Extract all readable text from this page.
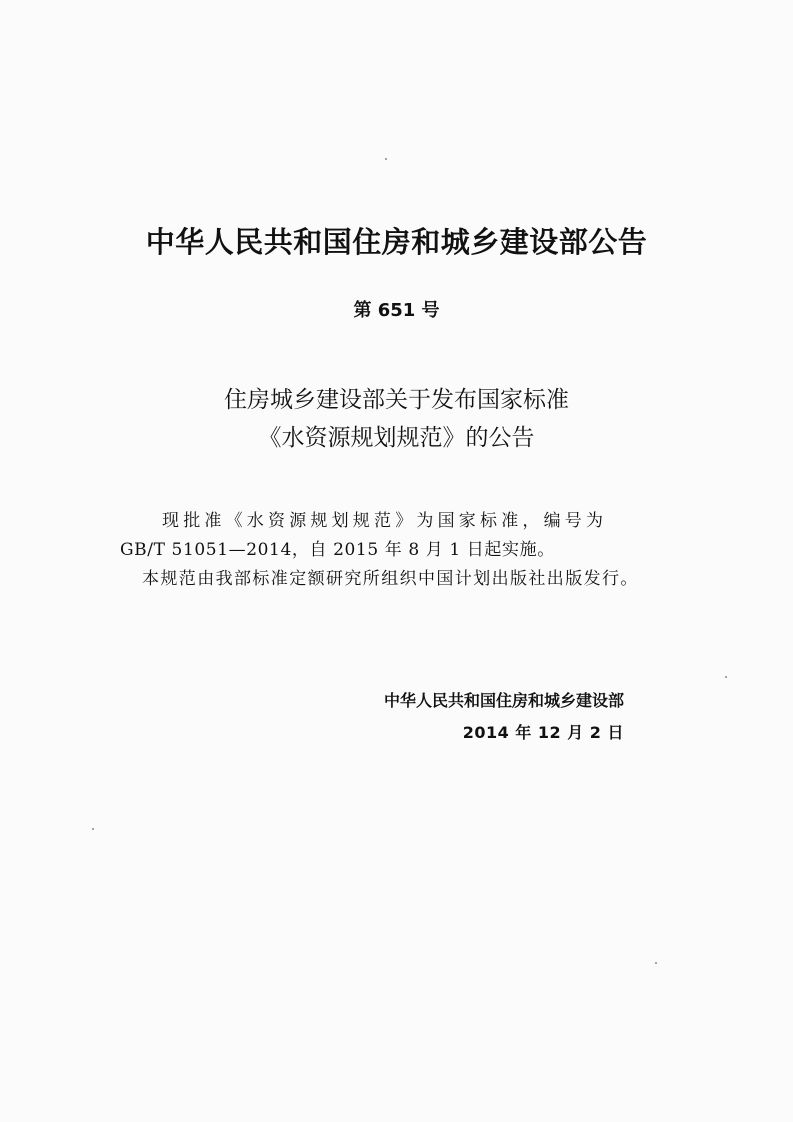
中华人民共和国住房和城乡建设部公告
第 651 号
住房城乡建设部关于发布国家标准
《水资源规划规范》的公告

现批准《水资源规划规范》为国家标准，编号为
GB/T 51051—2014，自 2015 年 8 月 1 日起实施。

本规范由我部标准定额研究所组织中国计划出版社出版发行。

中华人民共和国住房和城乡建设部
2014 年 12 月 2 日
